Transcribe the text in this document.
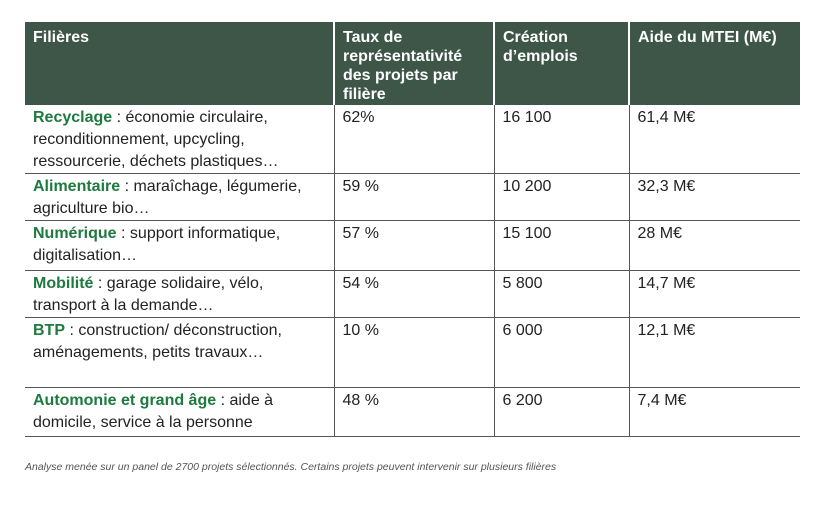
Filières	Taux de représentativité des projets par filière	Création d’emplois	Aide du MTEI (M€)
Recyclage : économie circulaire, reconditionnement, upcycling, ressourcerie, déchets plastiques…	62%	16 100	61,4 M€
Alimentaire : maraîchage, légumerie, agriculture bio…	59 %	10 200	32,3 M€
Numérique : support informatique, digitalisation…	57 %	15 100	28 M€
Mobilité : garage solidaire, vélo, transport à la demande…	54 %	5 800	14,7 M€
BTP : construction/ déconstruction, aménagements, petits travaux…	10 %	6 000	12,1 M€
Automonie et grand âge : aide à domicile, service à la personne	48 %	6 200	7,4 M€
Analyse menée sur un panel de 2700 projets sélectionnés. Certains projets peuvent intervenir sur plusieurs filières
